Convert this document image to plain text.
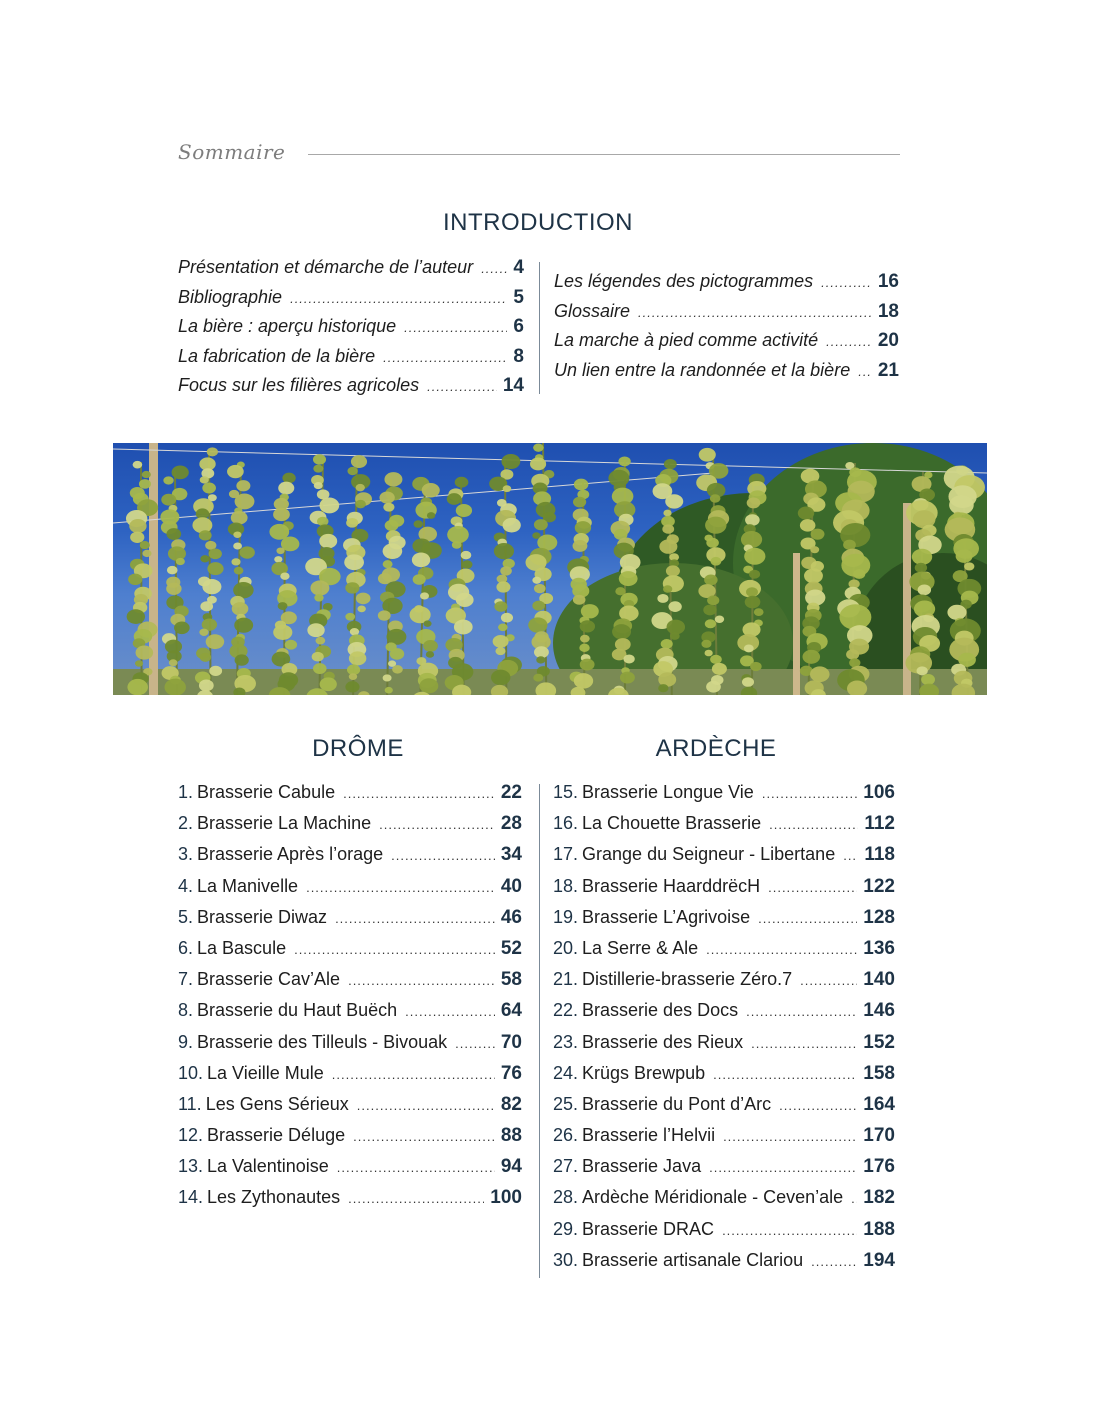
Sommaire
INTRODUCTION
Présentation et démarche de l’auteur ..... 4
Bibliographie .....	5
La bière : aperçu historique .....	6
La fabrication de la bière .....	8
Focus sur les filières agricoles .....	14
Les légendes des pictogrammes .....	16
Glossaire .....	18
La marche à pied comme activité .....	20
Un lien entre la randonnée et la bière ..... 21
DRÔME	ARDÈCHE
1. Brasserie Cabule .....	22
2. Brasserie La Machine .....	28
3. Brasserie Après l’orage .....	34
4. La Manivelle .....	40
5. Brasserie Diwaz .....	46
6. La Bascule .....	52
7. Brasserie Cav’Ale .....	58
8. Brasserie du Haut Buëch .....	64
9. Brasserie des Tilleuls - Bivouak .....	70
10. La Vieille Mule .....	76
11. Les Gens Sérieux .....	82
12. Brasserie Déluge .....	88
13. La Valentinoise .....	94
14. Les Zythonautes .....	100
15. Brasserie Longue Vie .....	106
16. La Chouette Brasserie .....	112
17. Grange du Seigneur - Libertane ..... 118
18. Brasserie HaarddrëcH .....	122
19. Brasserie L’Agrivoise .....	128
20. La Serre & Ale .....	136
21. Distillerie-brasserie Zéro.7 .....	140
22. Brasserie des Docs .....	146
23. Brasserie des Rieux .....	152
24. Krügs Brewpub .....	158
25. Brasserie du Pont d’Arc .....	164
26. Brasserie l’Helvii .....	170
27. Brasserie Java .....	176
28. Ardèche Méridionale - Ceven’ale ..... 182
29. Brasserie DRAC .....	188
30. Brasserie artisanale Clariou .....	194
